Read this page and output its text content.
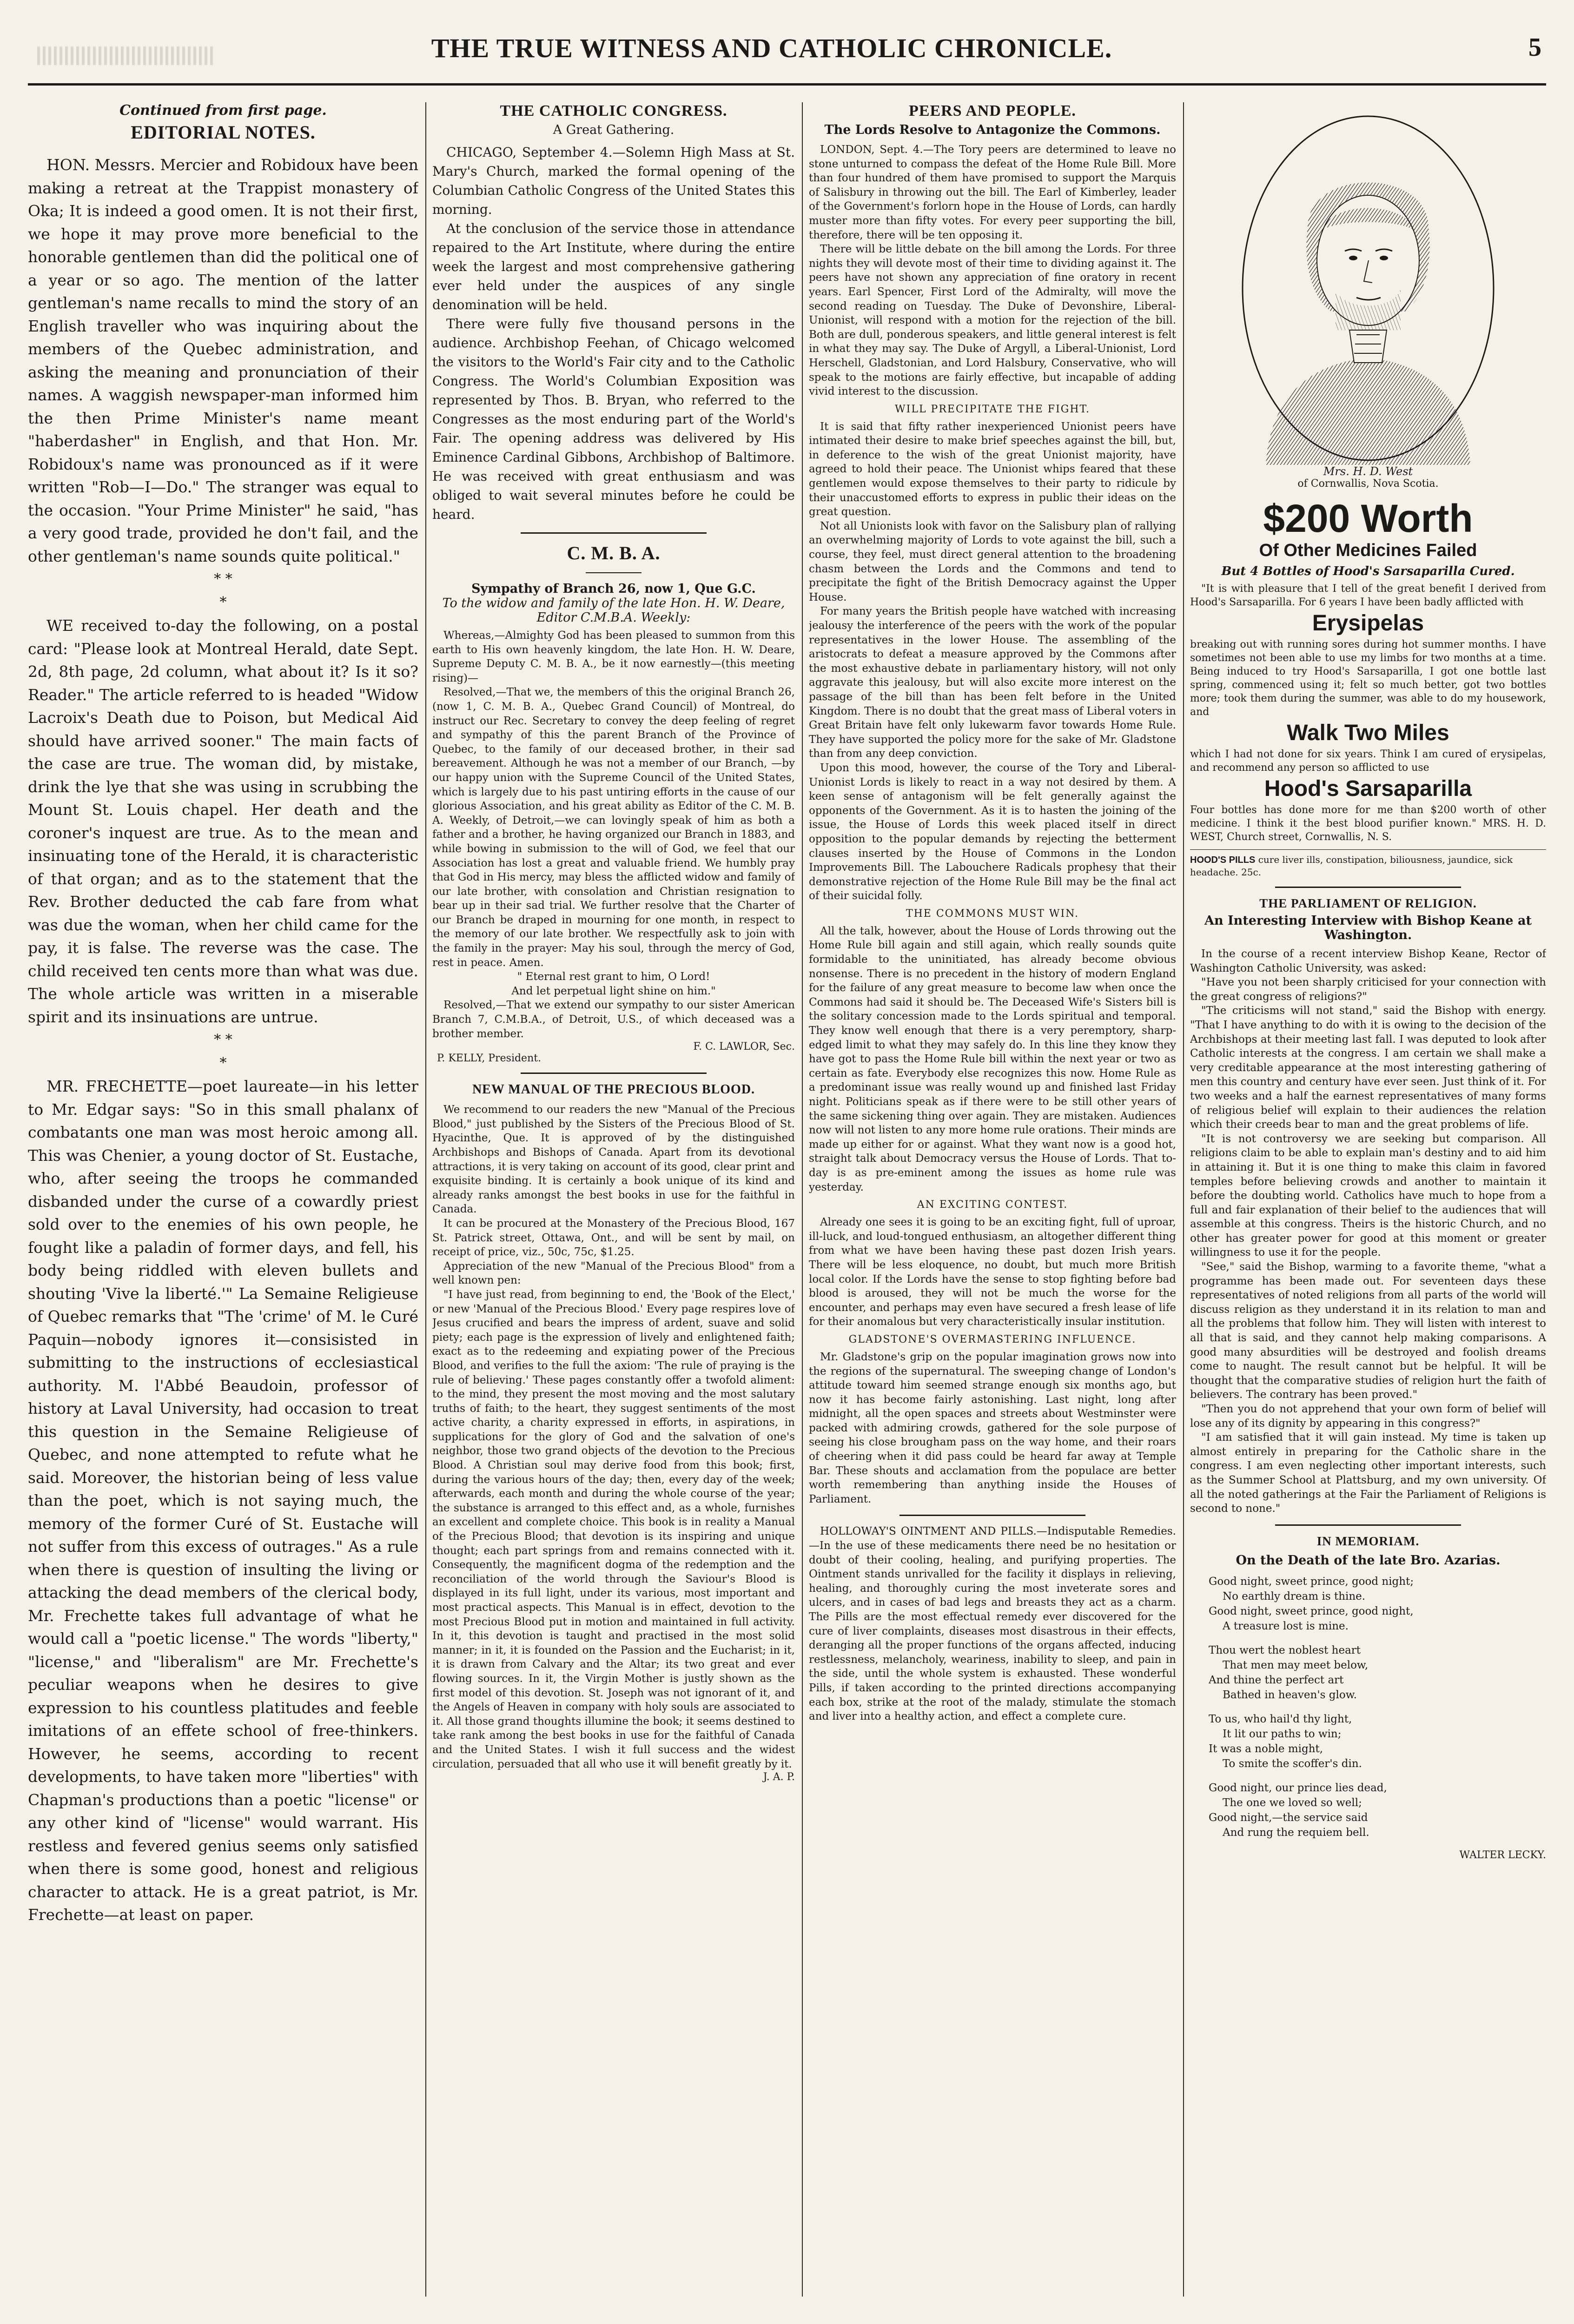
THE TRUE WITNESS AND CATHOLIC CHRONICLE.	5
Continued from first page.
EDITORIAL NOTES.

HON. Messrs. Mercier and Robidoux have been making a retreat at the Trappist monastery of Oka; It is indeed a good omen. It is not their first, we hope it may prove more beneficial to the honorable gentlemen than did the political one of a year or so ago. The mention of the latter gentleman's name recalls to mind the story of an English traveller who was inquiring about the members of the Quebec administration, and asking the meaning and pronunciation of their names. A waggish newspaper-man informed him the then Prime Minister's name meant "haberdasher" in English, and that Hon. Mr. Robidoux's name was pronounced as if it were written "Rob—I—Do." The stranger was equal to the occasion. "Your Prime Minister" he said, "has a very good trade, provided he don't fail, and the other gentleman's name sounds quite political."

* *
*

WE received to-day the following, on a postal card: "Please look at Montreal Herald, date Sept. 2d, 8th page, 2d column, what about it? Is it so? Reader." The article referred to is headed "Widow Lacroix's Death due to Poison, but Medical Aid should have arrived sooner." The main facts of the case are true. The woman did, by mistake, drink the lye that she was using in scrubbing the Mount St. Louis chapel. Her death and the coroner's inquest are true. As to the mean and insinuating tone of the Herald, it is characteristic of that organ; and as to the statement that the Rev. Brother deducted the cab fare from what was due the woman, when her child came for the pay, it is false. The reverse was the case. The child received ten cents more than what was due. The whole article was written in a miserable spirit and its insinuations are untrue.

* *
*

MR. FRECHETTE—poet laureate—in his letter to Mr. Edgar says: "So in this small phalanx of combatants one man was most heroic among all. This was Chenier, a young doctor of St. Eustache, who, after seeing the troops he commanded disbanded under the curse of a cowardly priest sold over to the enemies of his own people, he fought like a paladin of former days, and fell, his body being riddled with eleven bullets and shouting 'Vive la liberté.'" La Semaine Religieuse of Quebec remarks that "The 'crime' of M. le Curé Paquin—nobody ignores it—consisisted in submitting to the instructions of ecclesiastical authority. M. l'Abbé Beaudoin, professor of history at Laval University, had occasion to treat this question in the Semaine Religieuse of Quebec, and none attempted to refute what he said. Moreover, the historian being of less value than the poet, which is not saying much, the memory of the former Curé of St. Eustache will not suffer from this excess of outrages." As a rule when there is question of insulting the living or attacking the dead members of the clerical body, Mr. Frechette takes full advantage of what he would call a "poetic license." The words "liberty," "license," and "liberalism" are Mr. Frechette's peculiar weapons when he desires to give expression to his countless platitudes and feeble imitations of an effete school of free-thinkers. However, he seems, according to recent developments, to have taken more "liberties" with Chapman's productions than a poetic "license" or any other kind of "license" would warrant. His restless and fevered genius seems only satisfied when there is some good, honest and religious character to attack. He is a great patriot, is Mr. Frechette—at least on paper.

THE CATHOLIC CONGRESS.
A Great Gathering.

CHICAGO, September 4.—Solemn High Mass at St. Mary's Church, marked the formal opening of the Columbian Catholic Congress of the United States this morning.

At the conclusion of the service those in attendance repaired to the Art Institute, where during the entire week the largest and most comprehensive gathering ever held under the auspices of any single denomination will be held.

There were fully five thousand persons in the audience. Archbishop Feehan, of Chicago welcomed the visitors to the World's Fair city and to the Catholic Congress. The World's Columbian Exposition was represented by Thos. B. Bryan, who referred to the Congresses as the most enduring part of the World's Fair. The opening address was delivered by His Eminence Cardinal Gibbons, Archbishop of Baltimore. He was received with great enthusiasm and was obliged to wait several minutes before he could be heard.

C. M. B. A.
Sympathy of Branch 26, now 1, Que G.C.
To the widow and family of the late Hon. H. W. Deare, Editor C.M.B.A. Weekly:

Whereas,—Almighty God has been pleased to summon from this earth to His own heavenly kingdom, the late Hon. H. W. Deare, Supreme Deputy C. M. B. A., be it now earnestly—(this meeting rising)—

Resolved,—That we, the members of this the original Branch 26, (now 1, C. M. B. A., Quebec Grand Council) of Montreal, do instruct our Rec. Secretary to convey the deep feeling of regret and sympathy of this the parent Branch of the Province of Quebec, to the family of our deceased brother, in their sad bereavement. Although he was not a member of our Branch, —by our happy union with the Supreme Council of the United States, which is largely due to his past untiring efforts in the cause of our glorious Association, and his great ability as Editor of the C. M. B. A. Weekly, of Detroit,—we can lovingly speak of him as both a father and a brother, he having organized our Branch in 1883, and while bowing in submission to the will of God, we feel that our Association has lost a great and valuable friend. We humbly pray that God in His mercy, may bless the afflicted widow and family of our late brother, with consolation and Christian resignation to bear up in their sad trial. We further resolve that the Charter of our Branch be draped in mourning for one month, in respect to the memory of our late brother. We respectfully ask to join with the family in the prayer: May his soul, through the mercy of God, rest in peace. Amen.

" Eternal rest grant to him, O Lord!

And let perpetual light shine on him."

Resolved,—That we extend our sympathy to our sister American Branch 7, C.M.B.A., of Detroit, U.S., of which deceased was a brother member.

F. C. LAWLOR, Sec.
P. KELLY, President.
NEW MANUAL OF THE PRECIOUS BLOOD.

We recommend to our readers the new "Manual of the Precious Blood," just published by the Sisters of the Precious Blood of St. Hyacinthe, Que. It is approved of by the distinguished Archbishops and Bishops of Canada. Apart from its devotional attractions, it is very taking on account of its good, clear print and exquisite binding. It is certainly a book unique of its kind and already ranks amongst the best books in use for the faithful in Canada.

It can be procured at the Monastery of the Precious Blood, 167 St. Patrick street, Ottawa, Ont., and will be sent by mail, on receipt of price, viz., 50c, 75c, $1.25.

Appreciation of the new "Manual of the Precious Blood" from a well known pen:

"I have just read, from beginning to end, the 'Book of the Elect,' or new 'Manual of the Precious Blood.' Every page respires love of Jesus crucified and bears the impress of ardent, suave and solid piety; each page is the expression of lively and enlightened faith; exact as to the redeeming and expiating power of the Precious Blood, and verifies to the full the axiom: 'The rule of praying is the rule of believing.' These pages constantly offer a twofold aliment: to the mind, they present the most moving and the most salutary truths of faith; to the heart, they suggest sentiments of the most active charity, a charity expressed in efforts, in aspirations, in supplications for the glory of God and the salvation of one's neighbor, those two grand objects of the devotion to the Precious Blood. A Christian soul may derive food from this book; first, during the various hours of the day; then, every day of the week; afterwards, each month and during the whole course of the year; the substance is arranged to this effect and, as a whole, furnishes an excellent and complete choice. This book is in reality a Manual of the Precious Blood; that devotion is its inspiring and unique thought; each part springs from and remains connected with it. Consequently, the magnificent dogma of the redemption and the reconciliation of the world through the Saviour's Blood is displayed in its full light, under its various, most important and most practical aspects. This Manual is in effect, devotion to the most Precious Blood put in motion and maintained in full activity. In it, this devotion is taught and practised in the most solid manner; in it, it is founded on the Passion and the Eucharist; in it, it is drawn from Calvary and the Altar; its two great and ever flowing sources. In it, the Virgin Mother is justly shown as the first model of this devotion. St. Joseph was not ignorant of it, and the Angels of Heaven in company with holy souls are associated to it. All those grand thoughts illumine the book; it seems destined to take rank among the best books in use for the faithful of Canada and the United States. I wish it full success and the widest circulation, persuaded that all who use it will benefit greatly by it.

J. A. P.
PEERS AND PEOPLE.
The Lords Resolve to Antagonize the Commons.

LONDON, Sept. 4.—The Tory peers are determined to leave no stone unturned to compass the defeat of the Home Rule Bill. More than four hundred of them have promised to support the Marquis of Salisbury in throwing out the bill. The Earl of Kimberley, leader of the Government's forlorn hope in the House of Lords, can hardly muster more than fifty votes. For every peer supporting the bill, therefore, there will be ten opposing it.

There will be little debate on the bill among the Lords. For three nights they will devote most of their time to dividing against it. The peers have not shown any appreciation of fine oratory in recent years. Earl Spencer, First Lord of the Admiralty, will move the second reading on Tuesday. The Duke of Devonshire, Liberal-Unionist, will respond with a motion for the rejection of the bill. Both are dull, ponderous speakers, and little general interest is felt in what they may say. The Duke of Argyll, a Liberal-Unionist, Lord Herschell, Gladstonian, and Lord Halsbury, Conservative, who will speak to the motions are fairly effective, but incapable of adding vivid interest to the discussion.

WILL PRECIPITATE THE FIGHT.

It is said that fifty rather inexperienced Unionist peers have intimated their desire to make brief speeches against the bill, but, in deference to the wish of the great Unionist majority, have agreed to hold their peace. The Unionist whips feared that these gentlemen would expose themselves to their party to ridicule by their unaccustomed efforts to express in public their ideas on the great question.

Not all Unionists look with favor on the Salisbury plan of rallying an overwhelming majority of Lords to vote against the bill, such a course, they feel, must direct general attention to the broadening chasm between the Lords and the Commons and tend to precipitate the fight of the British Democracy against the Upper House.

For many years the British people have watched with increasing jealousy the interference of the peers with the work of the popular representatives in the lower House. The assembling of the aristocrats to defeat a measure approved by the Commons after the most exhaustive debate in parliamentary history, will not only aggravate this jealousy, but will also excite more interest on the passage of the bill than has been felt before in the United Kingdom. There is no doubt that the great mass of Liberal voters in Great Britain have felt only lukewarm favor towards Home Rule. They have supported the policy more for the sake of Mr. Gladstone than from any deep conviction.

Upon this mood, however, the course of the Tory and Liberal-Unionist Lords is likely to react in a way not desired by them. A keen sense of antagonism will be felt generally against the opponents of the Government. As it is to hasten the joining of the issue, the House of Lords this week placed itself in direct opposition to the popular demands by rejecting the betterment clauses inserted by the House of Commons in the London Improvements Bill. The Labouchere Radicals prophesy that their demonstrative rejection of the Home Rule Bill may be the final act of their suicidal folly.

THE COMMONS MUST WIN.

All the talk, however, about the House of Lords throwing out the Home Rule bill again and still again, which really sounds quite formidable to the uninitiated, has already become obvious nonsense. There is no precedent in the history of modern England for the failure of any great measure to become law when once the Commons had said it should be. The Deceased Wife's Sisters bill is the solitary concession made to the Lords spiritual and temporal. They know well enough that there is a very peremptory, sharp-edged limit to what they may safely do. In this line they know they have got to pass the Home Rule bill within the next year or two as certain as fate. Everybody else recognizes this now. Home Rule as a predominant issue was really wound up and finished last Friday night. Politicians speak as if there were to be still other years of the same sickening thing over again. They are mistaken. Audiences now will not listen to any more home rule orations. Their minds are made up either for or against. What they want now is a good hot, straight talk about Democracy versus the House of Lords. That to-day is as pre-eminent among the issues as home rule was yesterday.

AN EXCITING CONTEST.

Already one sees it is going to be an exciting fight, full of uproar, ill-luck, and loud-tongued enthusiasm, an altogether different thing from what we have been having these past dozen Irish years. There will be less eloquence, no doubt, but much more British local color. If the Lords have the sense to stop fighting before bad blood is aroused, they will not be much the worse for the encounter, and perhaps may even have secured a fresh lease of life for their anomalous but very characteristically insular institution.

GLADSTONE'S OVERMASTERING INFLUENCE.

Mr. Gladstone's grip on the popular imagination grows now into the regions of the supernatural. The sweeping change of London's attitude toward him seemed strange enough six months ago, but now it has become fairly astonishing. Last night, long after midnight, all the open spaces and streets about Westminster were packed with admiring crowds, gathered for the sole purpose of seeing his close brougham pass on the way home, and their roars of cheering when it did pass could be heard far away at Temple Bar. These shouts and acclamation from the populace are better worth remembering than anything inside the Houses of Parliament.

HOLLOWAY'S OINTMENT AND PILLS.—Indisputable Remedies.—In the use of these medicaments there need be no hesitation or doubt of their cooling, healing, and purifying properties. The Ointment stands unrivalled for the facility it displays in relieving, healing, and thoroughly curing the most inveterate sores and ulcers, and in cases of bad legs and breasts they act as a charm. The Pills are the most effectual remedy ever discovered for the cure of liver complaints, diseases most disastrous in their effects, deranging all the proper functions of the organs affected, inducing restlessness, melancholy, weariness, inability to sleep, and pain in the side, until the whole system is exhausted. These wonderful Pills, if taken according to the printed directions accompanying each box, strike at the root of the malady, stimulate the stomach and liver into a healthy action, and effect a complete cure.

Mrs. H. D. West
of Cornwallis, Nova Scotia.
$200 Worth
Of Other Medicines Failed
But 4 Bottles of Hood's Sarsaparilla Cured.
"It is with pleasure that I tell of the great benefit I derived from Hood's Sarsaparilla. For 6 years I have been badly afflicted with
Erysipelas
breaking out with running sores during hot summer months. I have sometimes not been able to use my limbs for two months at a time. Being induced to try Hood's Sarsaparilla, I got one bottle last spring, commenced using it; felt so much better, got two bottles more; took them during the summer, was able to do my housework, and
Walk Two Miles
which I had not done for six years. Think I am cured of erysipelas, and recommend any person so afflicted to use
Hood's Sarsaparilla
Four bottles has done more for me than $200 worth of other medicine. I think it the best blood purifier known." MRS. H. D. WEST, Church street, Cornwallis, N. S.
HOOD'S PILLS cure liver ills, constipation, biliousness, jaundice, sick headache. 25c.
THE PARLIAMENT OF RELIGION.
An Interesting Interview with Bishop Keane at Washington.

In the course of a recent interview Bishop Keane, Rector of Washington Catholic University, was asked:

"Have you not been sharply criticised for your connection with the great congress of religions?"

"The criticisms will not stand," said the Bishop with energy. "That I have anything to do with it is owing to the decision of the Archbishops at their meeting last fall. I was deputed to look after Catholic interests at the congress. I am certain we shall make a very creditable appearance at the most interesting gathering of men this country and century have ever seen. Just think of it. For two weeks and a half the earnest representatives of many forms of religious belief will explain to their audiences the relation which their creeds bear to man and the great problems of life.

"It is not controversy we are seeking but comparison. All religions claim to be able to explain man's destiny and to aid him in attaining it. But it is one thing to make this claim in favored temples before believing crowds and another to maintain it before the doubting world. Catholics have much to hope from a full and fair explanation of their belief to the audiences that will assemble at this congress. Theirs is the historic Church, and no other has greater power for good at this moment or greater willingness to use it for the people.

"See," said the Bishop, warming to a favorite theme, "what a programme has been made out. For seventeen days these representatives of noted religions from all parts of the world will discuss religion as they understand it in its relation to man and all the problems that follow him. They will listen with interest to all that is said, and they cannot help making comparisons. A good many absurdities will be destroyed and foolish dreams come to naught. The result cannot but be helpful. It will be thought that the comparative studies of religion hurt the faith of believers. The contrary has been proved."

"Then you do not apprehend that your own form of belief will lose any of its dignity by appearing in this congress?"

"I am satisfied that it will gain instead. My time is taken up almost entirely in preparing for the Catholic share in the congress. I am even neglecting other important interests, such as the Summer School at Plattsburg, and my own university. Of all the noted gatherings at the Fair the Parliament of Religions is second to none."

IN MEMORIAM.
On the Death of the late Bro. Azarias.
Good night, sweet prince, good night;
No earthly dream is thine.
Good night, sweet prince, good night,
A treasure lost is mine.
Thou wert the noblest heart
That men may meet below,
And thine the perfect art
Bathed in heaven's glow.
To us, who hail'd thy light,
It lit our paths to win;
It was a noble might,
To smite the scoffer's din.
Good night, our prince lies dead,
The one we loved so well;
Good night,—the service said
And rung the requiem bell.
WALTER LECKY.
